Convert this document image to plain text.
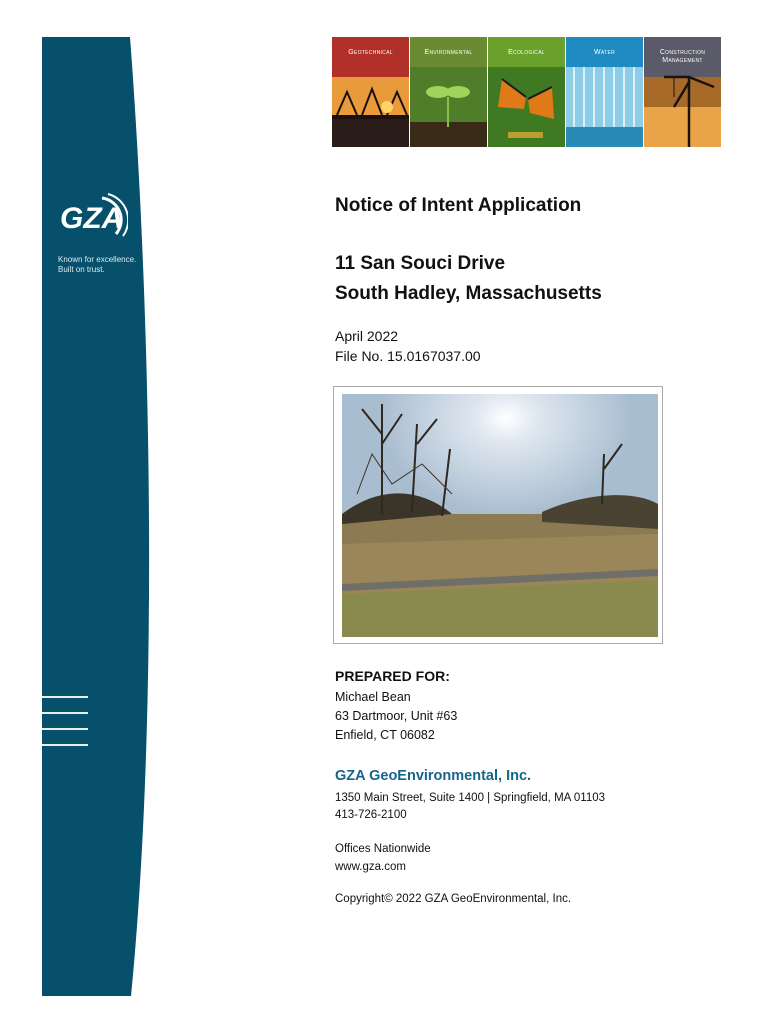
GZA
Known for excellence.
Built on trust.
Geotechnical	Environmental	Ecological	Water	Construction
Management
Notice of Intent Application
11 San Souci Drive
South Hadley, Massachusetts
April 2022
File No. 15.0167037.00
PREPARED FOR:
Michael Bean
63 Dartmoor, Unit #63
Enfield, CT 06082
GZA GeoEnvironmental, Inc.
1350 Main Street, Suite 1400 | Springfield, MA 01103
413-726-2100
Offices Nationwide
www.gza.com
Copyright© 2022 GZA GeoEnvironmental, Inc.
